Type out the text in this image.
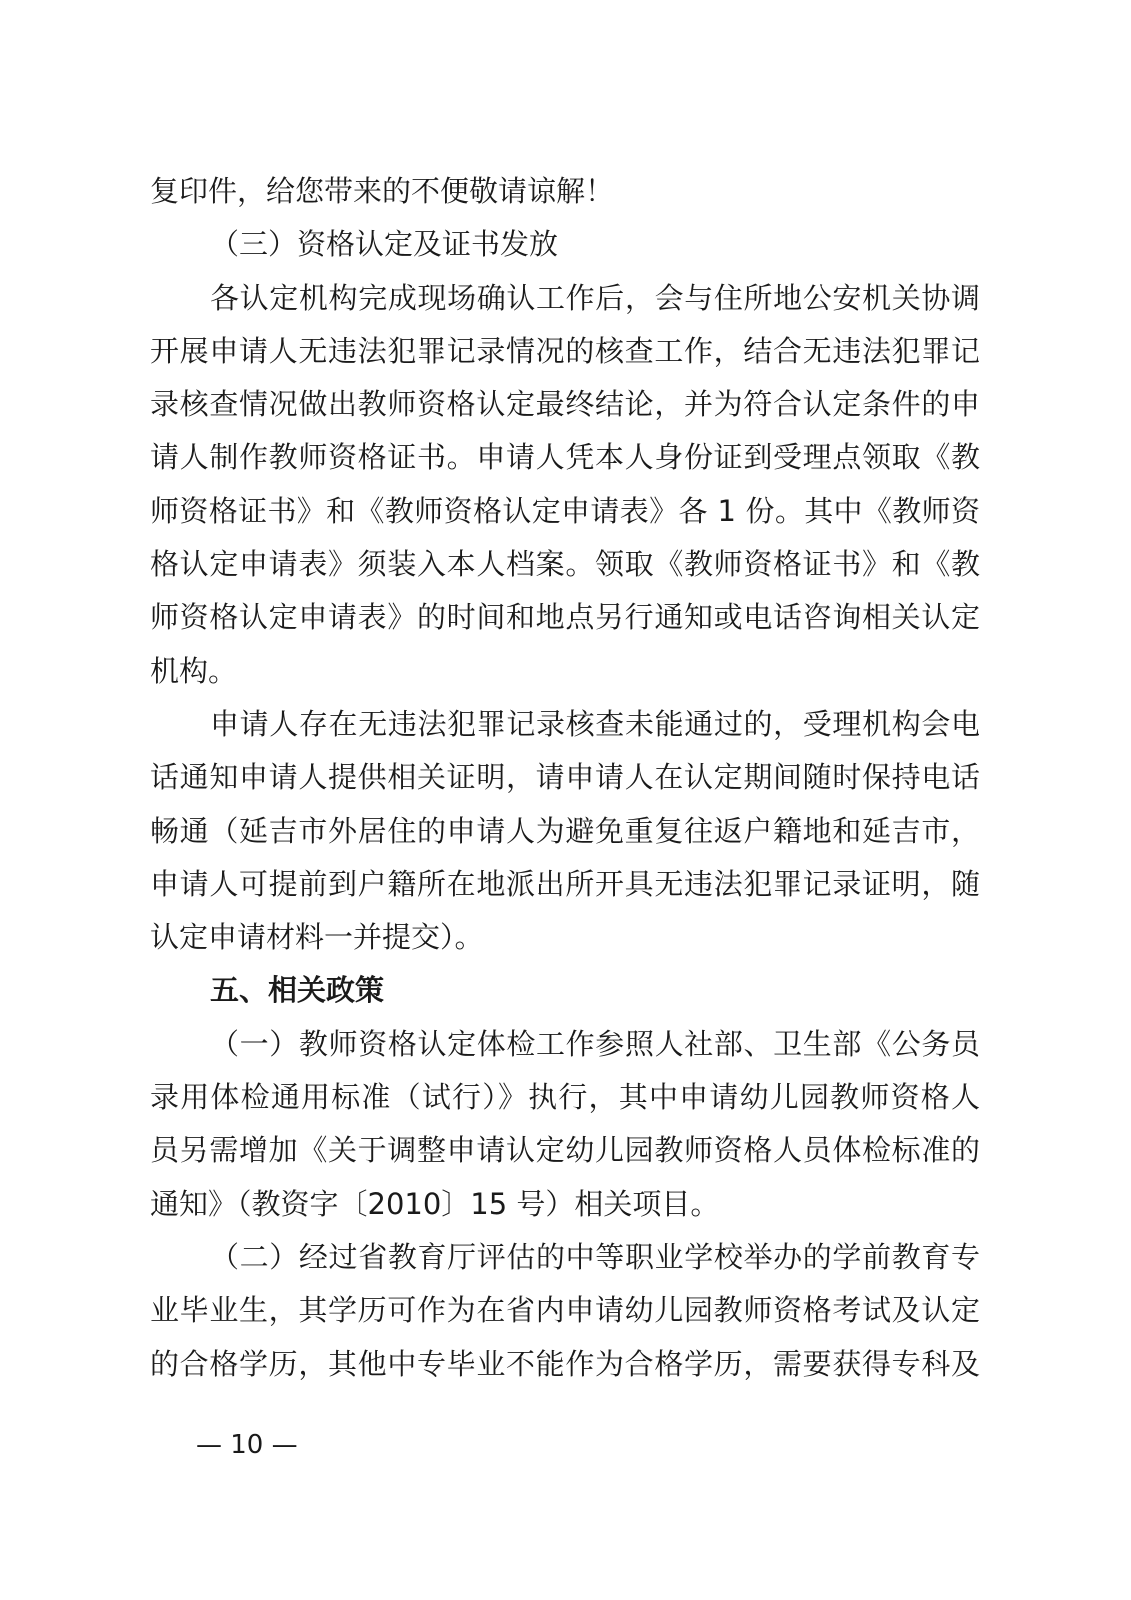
复印件，给您带来的不便敬请谅解！
（三）资格认定及证书发放
各认定机构完成现场确认工作后，会与住所地公安机关协调
开展申请人无违法犯罪记录情况的核查工作，结合无违法犯罪记
录核查情况做出教师资格认定最终结论，并为符合认定条件的申
请人制作教师资格证书。申请人凭本人身份证到受理点领取《教
师资格证书》和《教师资格认定申请表》各 1 份。其中《教师资
格认定申请表》须装入本人档案。领取《教师资格证书》和《教
师资格认定申请表》的时间和地点另行通知或电话咨询相关认定
机构。
申请人存在无违法犯罪记录核查未能通过的，受理机构会电
话通知申请人提供相关证明，请申请人在认定期间随时保持电话
畅通（延吉市外居住的申请人为避免重复往返户籍地和延吉市，
申请人可提前到户籍所在地派出所开具无违法犯罪记录证明，随
认定申请材料一并提交）。
五、相关政策
（一）教师资格认定体检工作参照人社部、卫生部《公务员
录用体检通用标准（试行）》执行，其中申请幼儿园教师资格人
员另需增加《关于调整申请认定幼儿园教师资格人员体检标准的
通知》（教资字〔2010〕15 号）相关项目。
（二）经过省教育厅评估的中等职业学校举办的学前教育专
业毕业生，其学历可作为在省内申请幼儿园教师资格考试及认定
的合格学历，其他中专毕业不能作为合格学历，需要获得专科及
— 10 —
